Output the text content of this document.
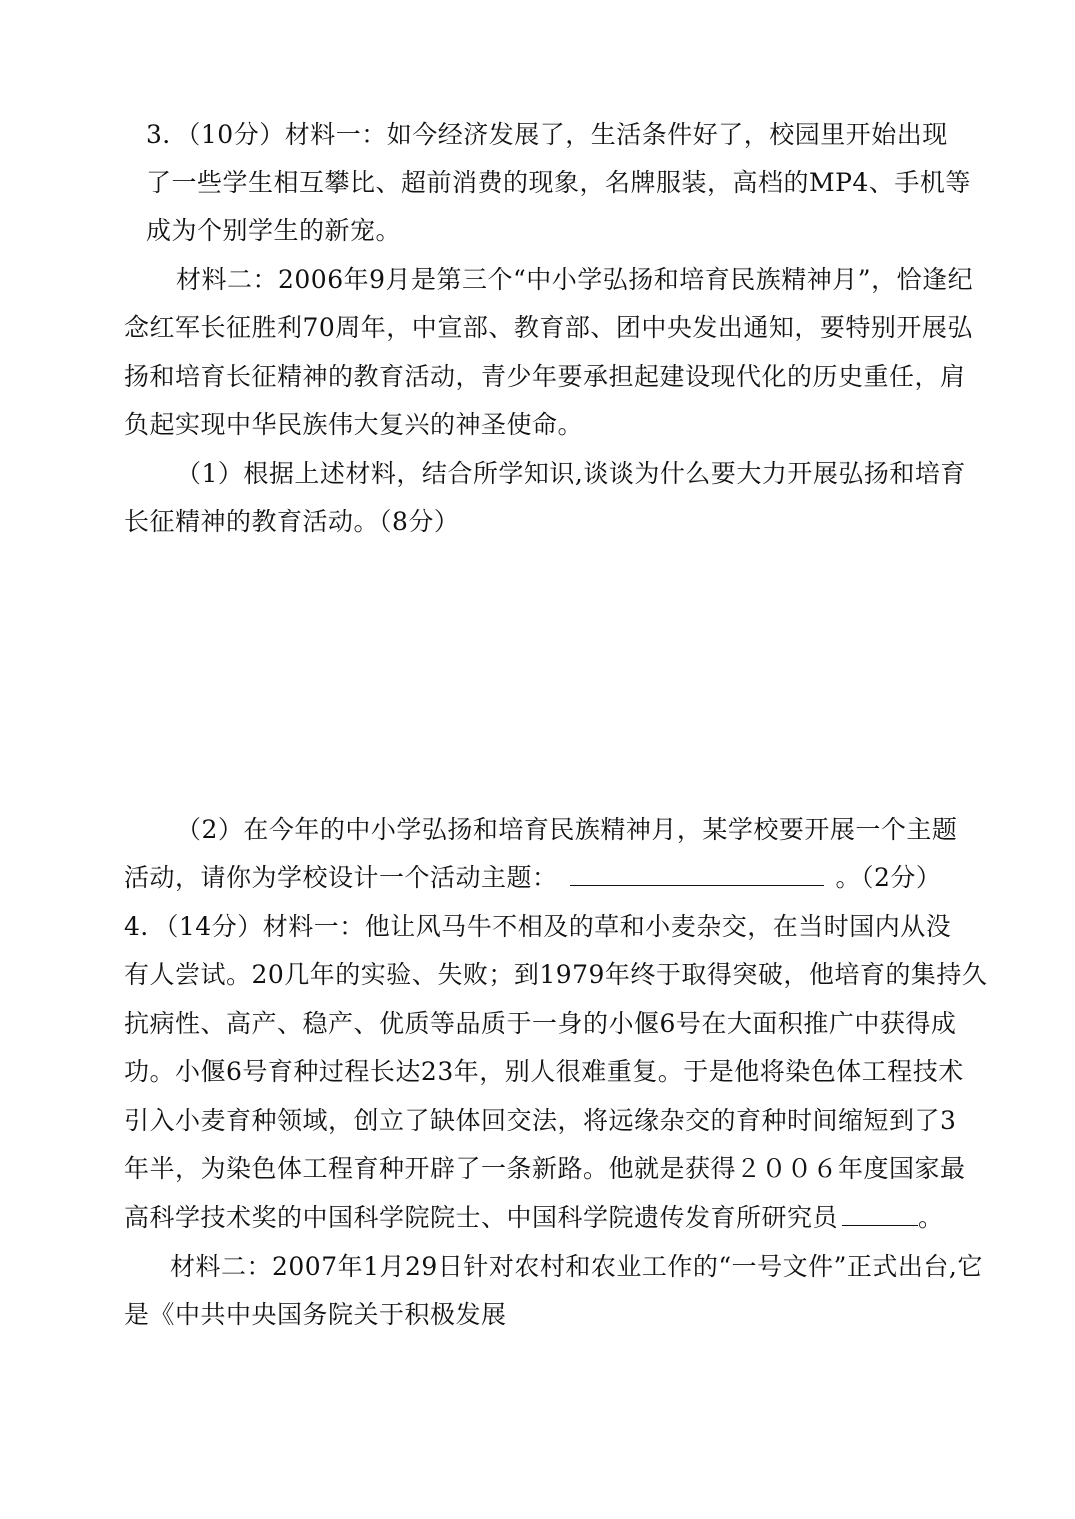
3．（10分）材料一：如今经济发展了，生活条件好了，校园里开始出现
了一些学生相互攀比、超前消费的现象，名牌服装，高档的MP4、手机等
成为个别学生的新宠。
材料二：2006年9月是第三个“中小学弘扬和培育民族精神月”，恰逢纪
念红军长征胜利70周年，中宣部、教育部、团中央发出通知，要特别开展弘
扬和培育长征精神的教育活动，青少年要承担起建设现代化的历史重任，肩
负起实现中华民族伟大复兴的神圣使命。
（1）根据上述材料，结合所学知识,谈谈为什么要大力开展弘扬和培育
长征精神的教育活动。（8分）
（2）在今年的中小学弘扬和培育民族精神月，某学校要开展一个主题
活动，请你为学校设计一个活动主题：	。（2分）
4．（14分）材料一：他让风马牛不相及的草和小麦杂交，在当时国内从没
有人尝试。20几年的实验、失败；到1979年终于取得突破，他培育的集持久
抗病性、高产、稳产、优质等品质于一身的小偃6号在大面积推广中获得成
功。小偃6号育种过程长达23年，别人很难重复。于是他将染色体工程技术
引入小麦育种领域，创立了缺体回交法，将远缘杂交的育种时间缩短到了3
年半，为染色体工程育种开辟了一条新路。他就是获得２００６年度国家最
高科学技术奖的中国科学院院士、中国科学院遗传发育所研究员	。
材料二：2007年1月29日针对农村和农业工作的“一号文件”正式出台,它
是《中共中央国务院关于积极发展
